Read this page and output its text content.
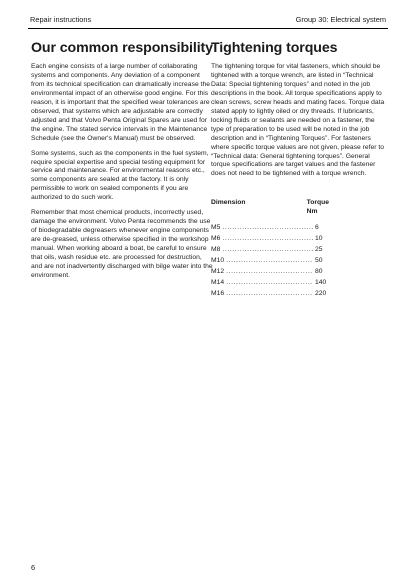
Repair instructions	Group 30: Electrical system
Our common responsibility

Each engine consists of a large number of collaborating systems and components. Any deviation of a component from its technical specification can dramatically increase the environmental impact of an otherwise good engine. For this reason, it is important that the specified wear tolerances are observed, that systems which are adjustable are correctly adjusted and that Volvo Penta Original Spares are used for the engine. The stated service intervals in the Maintenance Schedule (see the Owner's Manual) must be observed.

Some systems, such as the components in the fuel system, require special expertise and special testing equipment for service and maintenance. For environmental reasons etc., some components are sealed at the factory. It is only permissible to work on sealed components if you are authorized to do such work.

Remember that most chemical products, incorrectly used, damage the environment. Volvo Penta recommends the use of biodegradable degreasers whenever engine components are de-greased, unless otherwise specified in the workshop manual. When working aboard a boat, be careful to ensure that oils, wash residue etc. are processed for destruction, and are not inadvertently discharged with bilge water into the environment.

Tightening torques

The tightening torque for vital fasteners, which should be tightened with a torque wrench, are listed in “Technical Data: Special tightening torques” and noted in the job descriptions in the book. All torque specifications apply to clean screws, screw heads and mating faces. Torque data stated apply to lightly oiled or dry threads. If lubricants, locking fluids or sealants are needed on a fastener, the type of preparation to be used will be noted in the job description and in “Tightening Torques”. For fasteners where specific torque values are not given, please refer to “Technical data: General tightening torques”. General torque specifications are target values and the fastener does not need to be tightened with a torque wrench.

Dimension	Torque
Nm
M5 .....	6
M6 .....	10
M8 .....	25
M10 .....	50
M12 .....	80
M14 .....	140
M16 .....	220
6
